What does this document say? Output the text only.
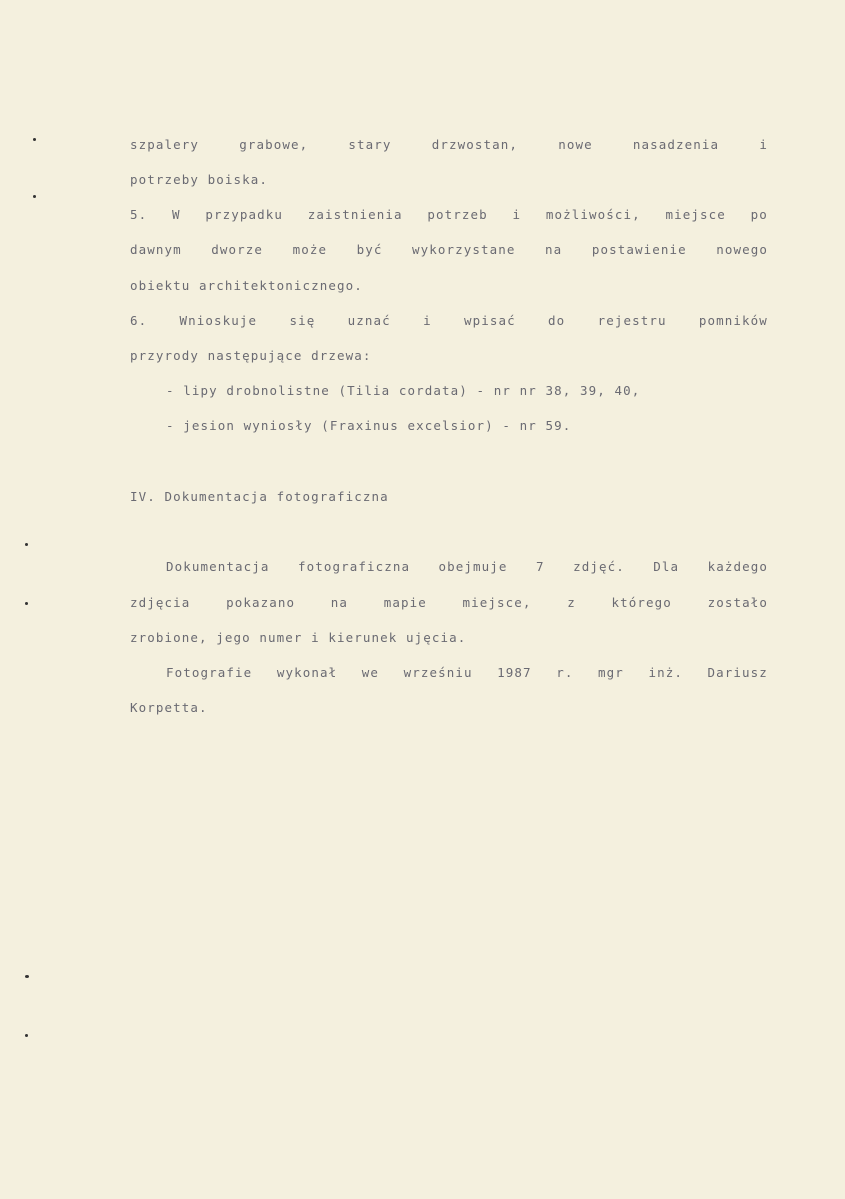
szpalery	grabowe,	stary	drzwostan,	nowe	nasadzenia	i
potrzeby boiska.
5. W przypadku zaistnienia potrzeb i możliwości, miejsce po
dawnym dworze może być wykorzystane na postawienie nowego
obiektu architektonicznego.
6.	Wnioskuje	się	uznać	i	wpisać	do	rejestru	pomników
przyrody następujące drzewa:
- lipy drobnolistne (Tilia cordata) - nr nr 38, 39, 40,
- jesion wyniosły (Fraxinus excelsior) - nr 59.
IV. Dokumentacja fotograficzna
Dokumentacja fotograficzna obejmuje 7 zdjęć. Dla każdego
zdjęcia	pokazano	na	mapie	miejsce,	z	którego	zostało
zrobione, jego numer i kierunek ujęcia.
Fotografie wykonał we wrześniu 1987 r. mgr inż. Dariusz
Korpetta.
